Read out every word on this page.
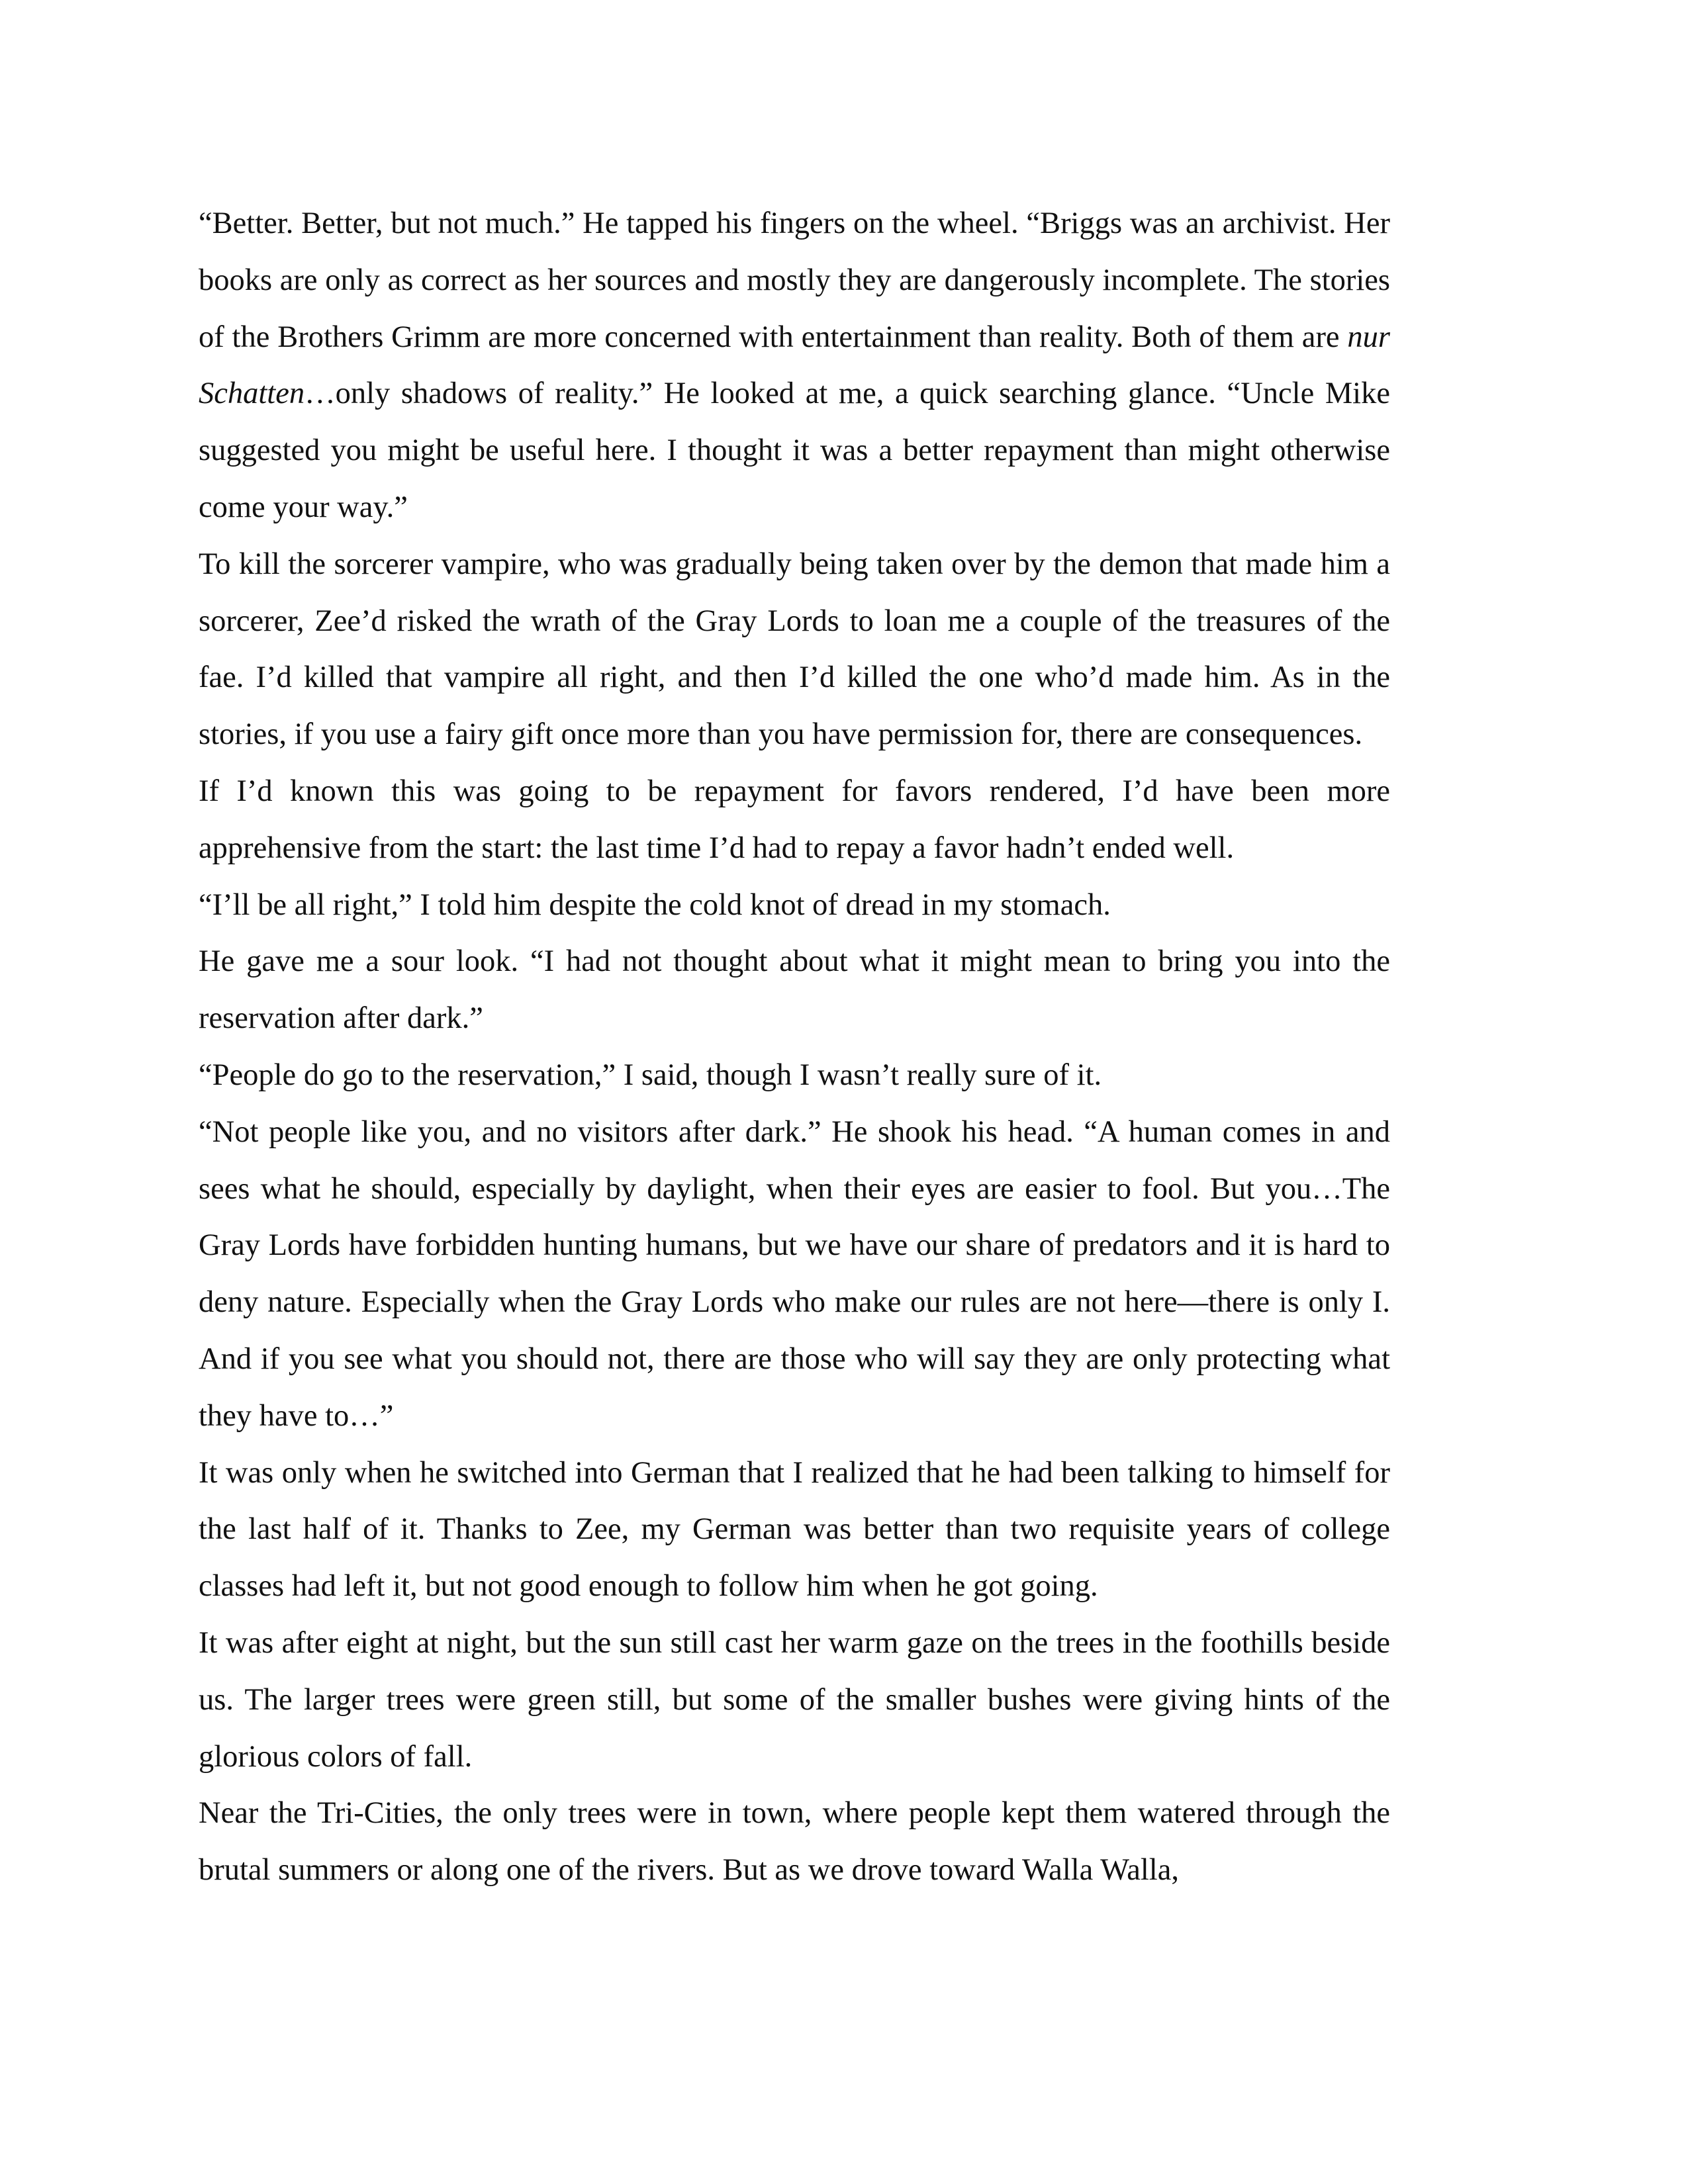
“Better. Better, but not much.” He tapped his fingers on the wheel. “Briggs was an archivist. Her books are only as correct as her sources and mostly they are dangerously incomplete. The stories of the Brothers Grimm are more concerned with entertainment than reality. Both of them are nur Schatten…only shadows of reality.” He looked at me, a quick searching glance. “Uncle Mike suggested you might be useful here. I thought it was a better repayment than might otherwise come your way.”

To kill the sorcerer vampire, who was gradually being taken over by the demon that made him a sorcerer, Zee’d risked the wrath of the Gray Lords to loan me a couple of the treasures of the fae. I’d killed that vampire all right, and then I’d killed the one who’d made him. As in the stories, if you use a fairy gift once more than you have permission for, there are consequences.

If I’d known this was going to be repayment for favors rendered, I’d have been more apprehensive from the start: the last time I’d had to repay a favor hadn’t ended well.

“I’ll be all right,” I told him despite the cold knot of dread in my stomach.

He gave me a sour look. “I had not thought about what it might mean to bring you into the reservation after dark.”

“People do go to the reservation,” I said, though I wasn’t really sure of it.

“Not people like you, and no visitors after dark.” He shook his head. “A human comes in and sees what he should, especially by daylight, when their eyes are easier to fool. But you…The Gray Lords have forbidden hunting humans, but we have our share of predators and it is hard to deny nature. Especially when the Gray Lords who make our rules are not here—there is only I. And if you see what you should not, there are those who will say they are only protecting what they have to…”

It was only when he switched into German that I realized that he had been talking to himself for the last half of it. Thanks to Zee, my German was better than two requisite years of college classes had left it, but not good enough to follow him when he got going.

It was after eight at night, but the sun still cast her warm gaze on the trees in the foothills beside us. The larger trees were green still, but some of the smaller bushes were giving hints of the glorious colors of fall.

Near the Tri-Cities, the only trees were in town, where people kept them watered through the brutal summers or along one of the rivers. But as we drove toward Walla Walla,
